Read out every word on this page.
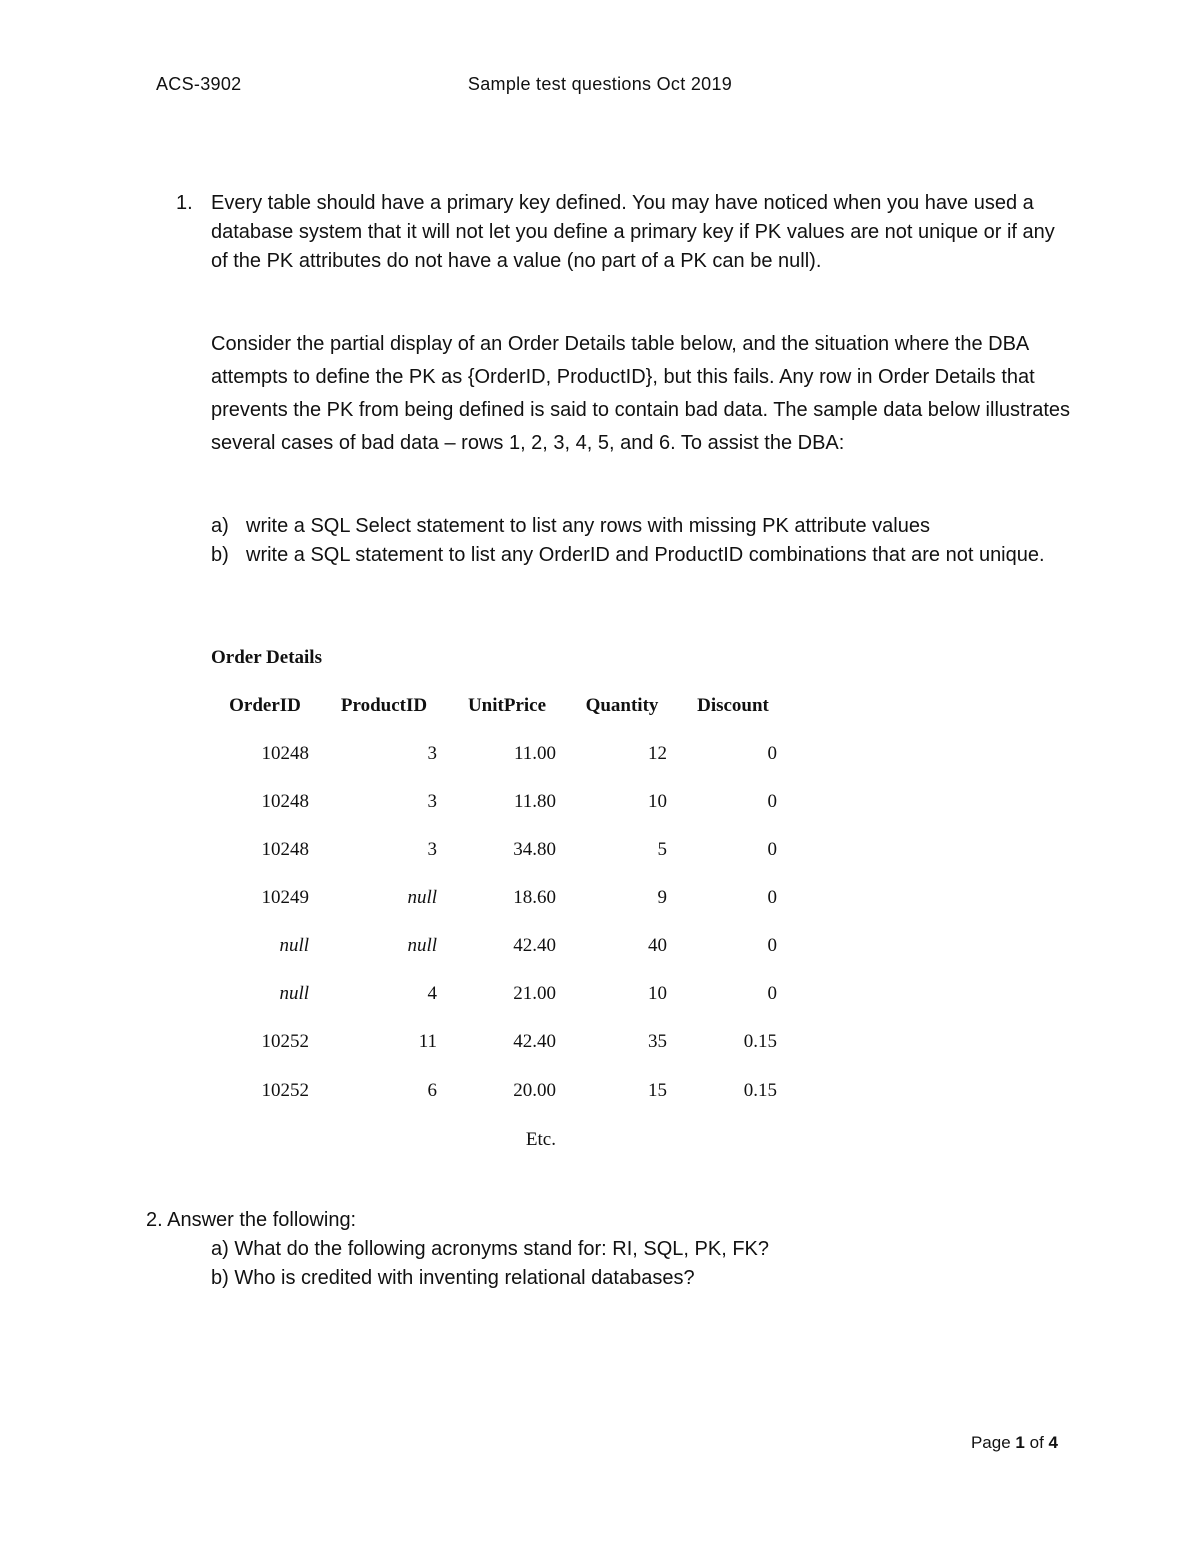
ACS-3902	Sample test questions Oct 2019
1. Every table should have a primary key defined. You may have noticed when you have used a database system that it will not let you define a primary key if PK values are not unique or if any of the PK attributes do not have a value (no part of a PK can be null).
Consider the partial display of an Order Details table below, and the situation where the DBA attempts to define the PK as {OrderID, ProductID}, but this fails. Any row in Order Details that prevents the PK from being defined is said to contain bad data. The sample data below illustrates several cases of bad data – rows 1, 2, 3, 4, 5, and 6. To assist the DBA:
a) write a SQL Select statement to list any rows with missing PK attribute values
b) write a SQL statement to list any OrderID and ProductID combinations that are not unique.
Order Details
OrderID	ProductID	UnitPrice	Quantity	Discount
10248	3	11.00	12	0
10248	3	11.80	10	0
10248	3	34.80	5	0
10249	null	18.60	9	0
null	null	42.40	40	0
null	4	21.00	10	0
10252	11	42.40	35	0.15
10252	6	20.00	15	0.15
Etc.
2. Answer the following:
a) What do the following acronyms stand for: RI, SQL, PK, FK?
b) Who is credited with inventing relational databases?
Page 1 of 4
